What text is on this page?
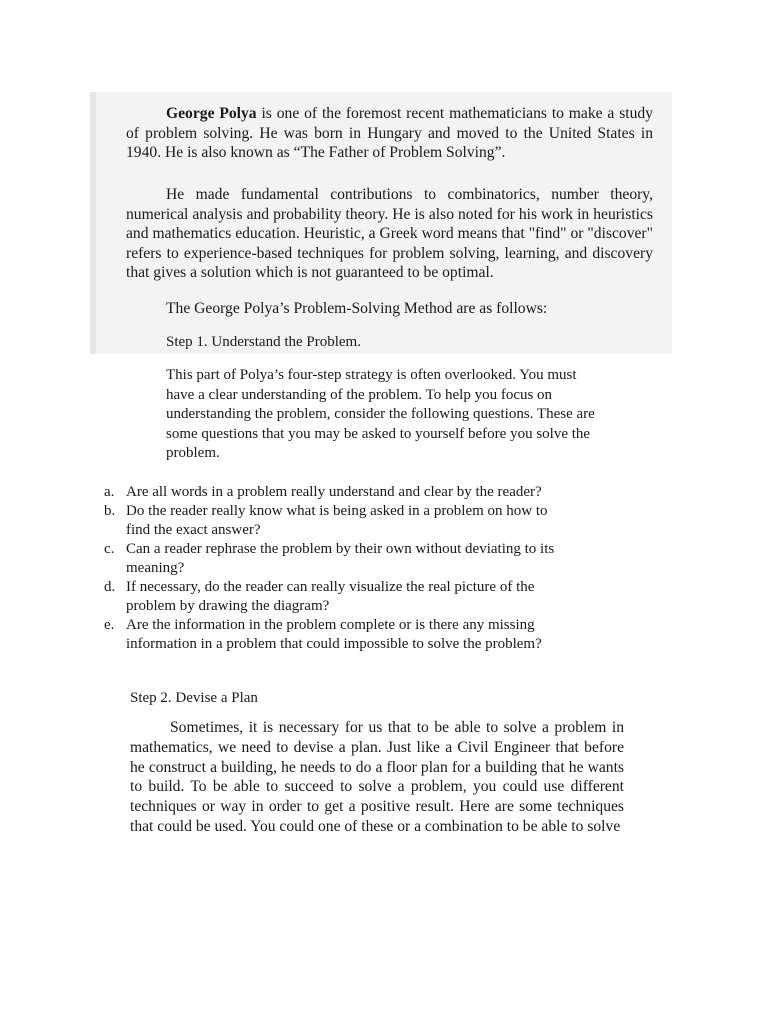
George Polya is one of the foremost recent mathematicians to make a study of problem solving. He was born in Hungary and moved to the United States in 1940. He is also known as “The Father of Problem Solving”.

He made fundamental contributions to combinatorics, number theory, numerical analysis and probability theory. He is also noted for his work in heuristics and mathematics education. Heuristic, a Greek word means that "find" or "discover" refers to experience-based techniques for problem solving, learning, and discovery that gives a solution which is not guaranteed to be optimal.

The George Polya’s Problem-Solving Method are as follows:
Step 1. Understand the Problem.

This part of Polya’s four-step strategy is often overlooked. You must have a clear understanding of the problem. To help you focus on understanding the problem, consider the following questions. These are some questions that you may be asked to yourself before you solve the problem.

a. Are all words in a problem really understand and clear by the reader?
b. Do the reader really know what is being asked in a problem on how to find the exact answer?
c. Can a reader rephrase the problem by their own without deviating to its meaning?
d. If necessary, do the reader can really visualize the real picture of the problem by drawing the diagram?
e. Are the information in the problem complete or is there any missing information in a problem that could impossible to solve the problem?
Step 2. Devise a Plan

Sometimes, it is necessary for us that to be able to solve a problem in mathematics, we need to devise a plan. Just like a Civil Engineer that before he construct a building, he needs to do a floor plan for a building that he wants to build. To be able to succeed to solve a problem, you could use different techniques or way in order to get a positive result. Here are some techniques that could be used. You could one of these or a combination to be able to solve
